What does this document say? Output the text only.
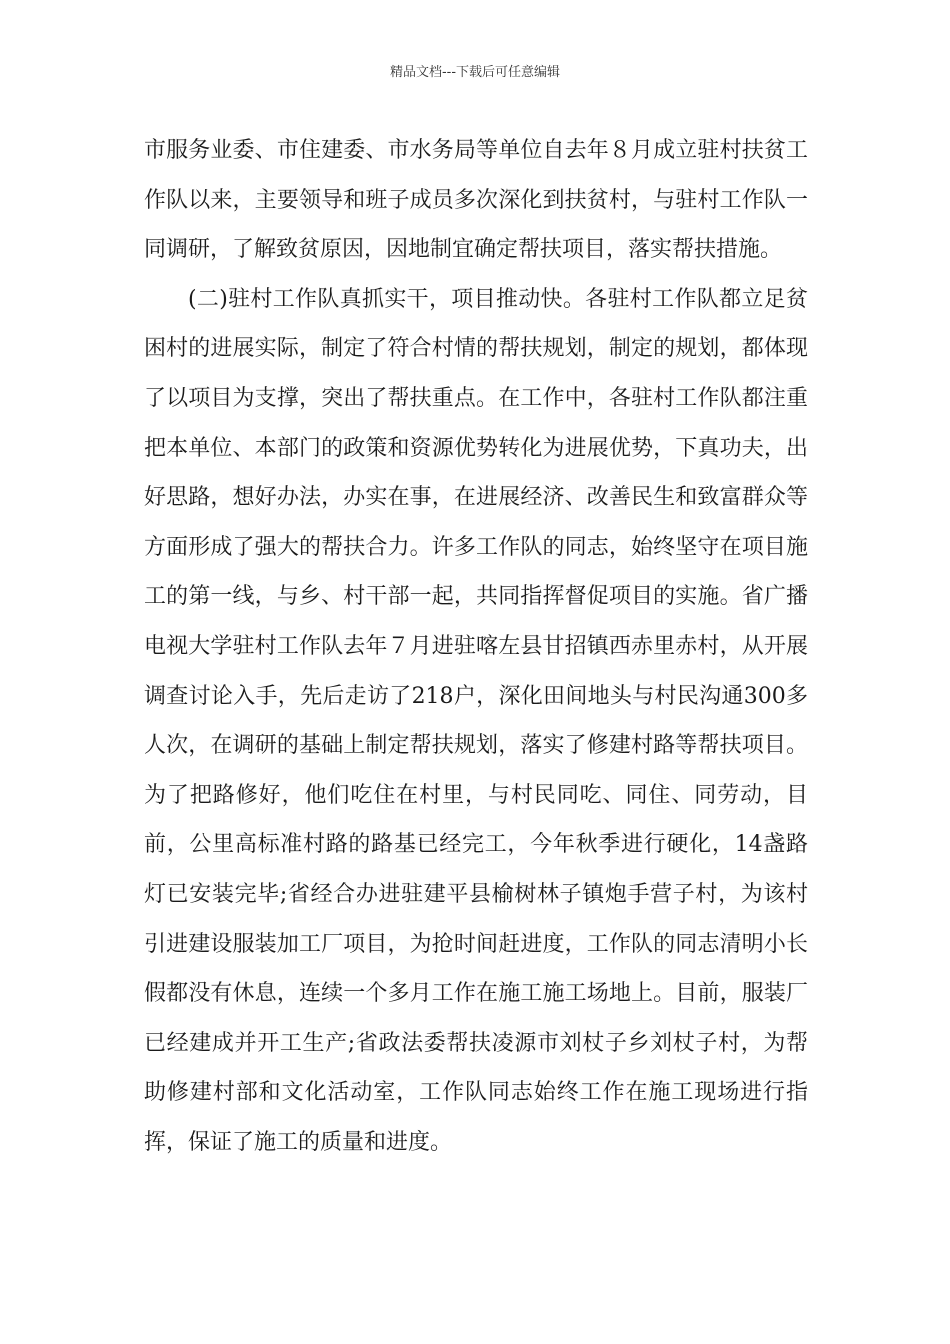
精品文档---下载后可任意编辑

市服务业委、市住建委、市水务局等单位自去年８月成立驻村扶贫工作队以来，主要领导和班子成员多次深化到扶贫村，与驻村工作队一同调研，了解致贫原因，因地制宜确定帮扶项目，落实帮扶措施。

(二)驻村工作队真抓实干，项目推动快。各驻村工作队都立足贫困村的进展实际，制定了符合村情的帮扶规划，制定的规划，都体现了以项目为支撑，突出了帮扶重点。在工作中，各驻村工作队都注重把本单位、本部门的政策和资源优势转化为进展优势，下真功夫，出好思路，想好办法，办实在事，在进展经济、改善民生和致富群众等方面形成了强大的帮扶合力。许多工作队的同志，始终坚守在项目施工的第一线，与乡、村干部一起，共同指挥督促项目的实施。省广播电视大学驻村工作队去年７月进驻喀左县甘招镇西赤里赤村，从开展调查讨论入手，先后走访了218户，深化田间地头与村民沟通300多人次，在调研的基础上制定帮扶规划，落实了修建村路等帮扶项目。为了把路修好，他们吃住在村里，与村民同吃、同住、同劳动，目前，公里高标准村路的路基已经完工，今年秋季进行硬化，14盏路灯已安装完毕;省经合办进驻建平县榆树林子镇炮手营子村，为该村引进建设服装加工厂项目，为抢时间赶进度，工作队的同志清明小长假都没有休息，连续一个多月工作在施工施工场地上。目前，服装厂已经建成并开工生产;省政法委帮扶凌源市刘杖子乡刘杖子村，为帮助修建村部和文化活动室，工作队同志始终工作在施工现场进行指挥，保证了施工的质量和进度。
